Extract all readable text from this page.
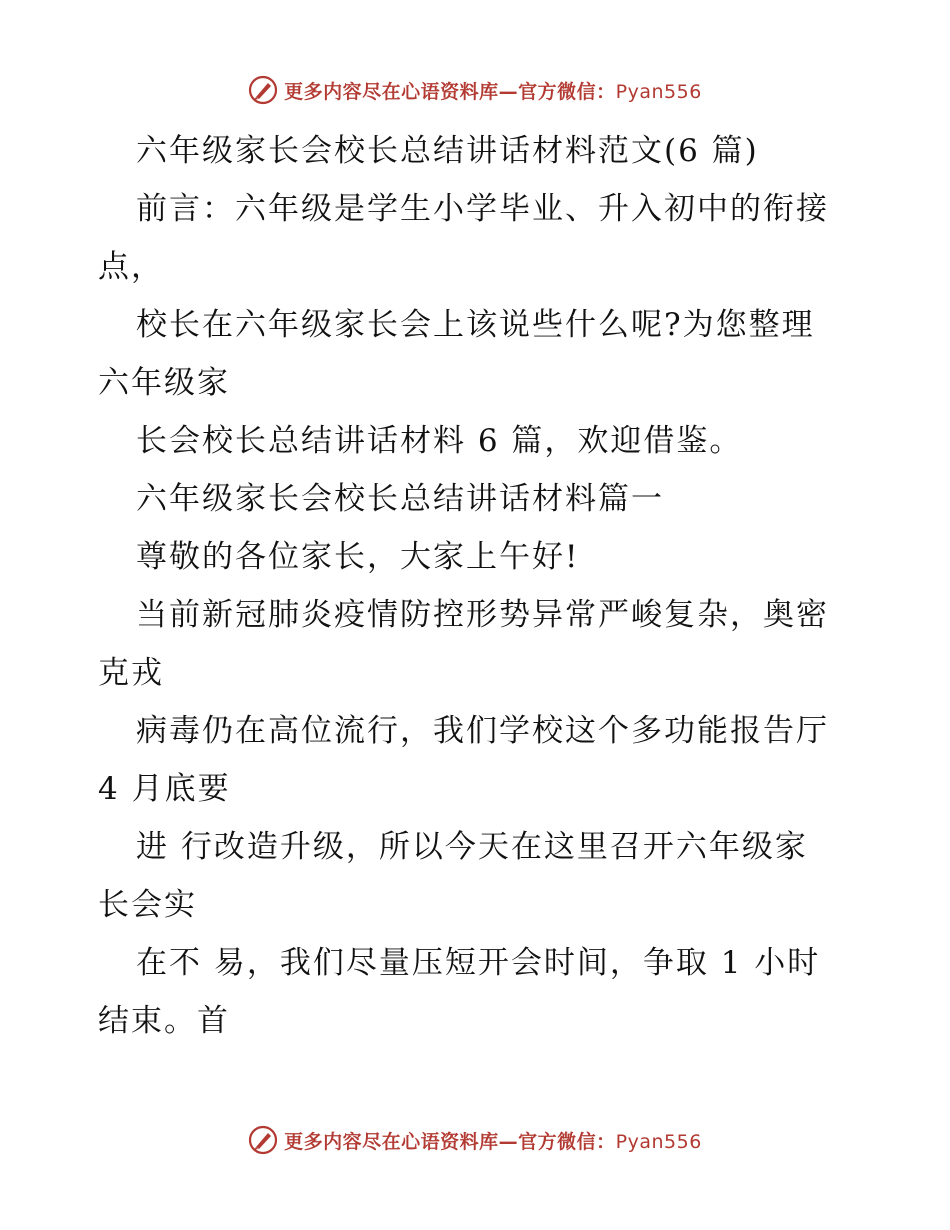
更多内容尽在心语资料库—官方微信：Pyan556
六年级家长会校长总结讲话材料范文(6 篇)
前言：六年级是学生小学毕业、升入初中的衔接
点，
校长在六年级家长会上该说些什么呢?为您整理
六年级家
长会校长总结讲话材料 6 篇，欢迎借鉴。
六年级家长会校长总结讲话材料篇一
尊敬的各位家长，大家上午好!
当前新冠肺炎疫情防控形势异常严峻复杂，奥密
克戎
病毒仍在高位流行，我们学校这个多功能报告厅
4 月底要
进 行改造升级，所以今天在这里召开六年级家
长会实
在不 易，我们尽量压短开会时间，争取 1 小时
结束。首
更多内容尽在心语资料库—官方微信：Pyan556
